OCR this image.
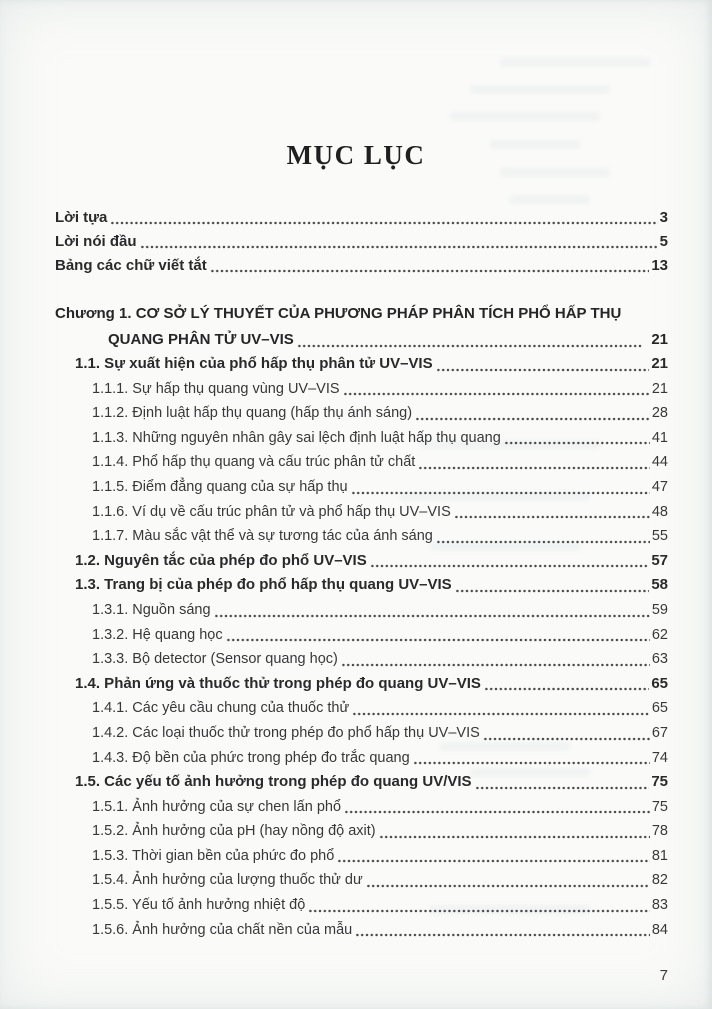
MỤC LỤC
Lời tựa	3
Lời nói đầu	5
Bảng các chữ viết tắt	13
Chương 1. CƠ SỞ LÝ THUYẾT CỦA PHƯƠNG PHÁP PHÂN TÍCH PHỔ HẤP THỤ
QUANG PHÂN TỬ UV–VIS	21
1.1. Sự xuất hiện của phổ hấp thụ phân tử UV–VIS	21
1.1.1. Sự hấp thụ quang vùng UV–VIS	21
1.1.2. Định luật hấp thụ quang (hấp thụ ánh sáng)	28
1.1.3. Những nguyên nhân gây sai lệch định luật hấp thụ quang	41
1.1.4. Phổ hấp thụ quang và cấu trúc phân tử chất	44
1.1.5. Điểm đẳng quang của sự hấp thụ	47
1.1.6. Ví dụ về cấu trúc phân tử và phổ hấp thụ UV–VIS	48
1.1.7. Màu sắc vật thể và sự tương tác của ánh sáng	55
1.2. Nguyên tắc của phép đo phổ UV–VIS	57
1.3. Trang bị của phép đo phổ hấp thụ quang UV–VIS	58
1.3.1. Nguồn sáng	59
1.3.2. Hệ quang học	62
1.3.3. Bộ detector (Sensor quang học)	63
1.4. Phản ứng và thuốc thử trong phép đo quang UV–VIS	65
1.4.1. Các yêu cầu chung của thuốc thử	65
1.4.2. Các loại thuốc thử trong phép đo phổ hấp thụ UV–VIS	67
1.4.3. Độ bền của phức trong phép đo trắc quang	74
1.5. Các yếu tố ảnh hưởng trong phép đo quang UV/VIS	75
1.5.1. Ảnh hưởng của sự chen lấn phổ	75
1.5.2. Ảnh hưởng của pH (hay nồng độ axit)	78
1.5.3. Thời gian bền của phức đo phổ	81
1.5.4. Ảnh hưởng của lượng thuốc thử dư	82
1.5.5. Yếu tố ảnh hưởng nhiệt độ	83
1.5.6. Ảnh hưởng của chất nền của mẫu	84
7
